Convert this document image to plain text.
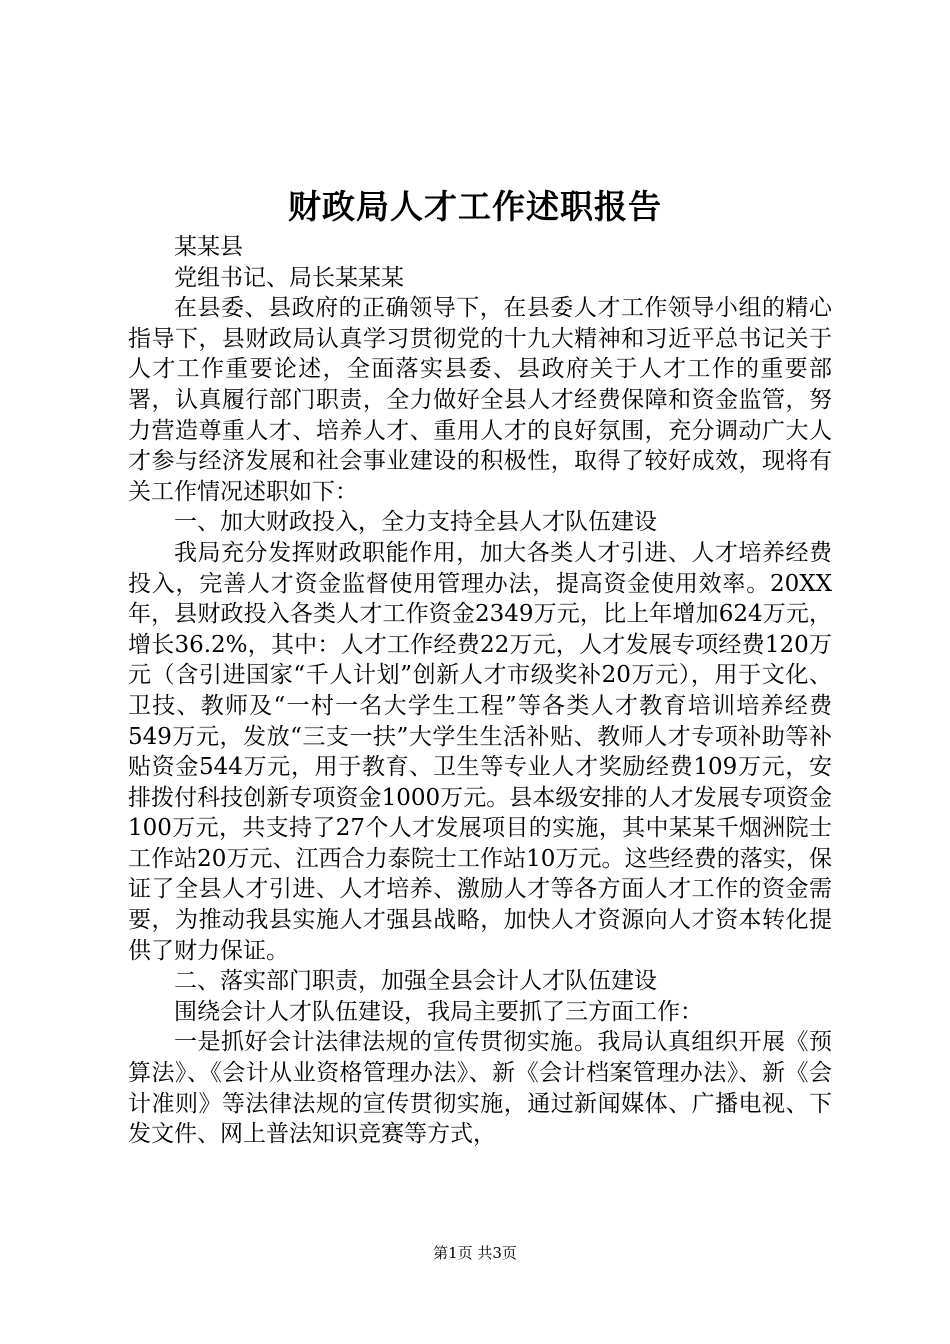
财政局人才工作述职报告

某某县

党组书记、局长某某某

在县委、县政府的正确领导下，在县委人才工作领导小组的精心指导下，县财政局认真学习贯彻党的十九大精神和习近平总书记关于人才工作重要论述，全面落实县委、县政府关于人才工作的重要部署，认真履行部门职责，全力做好全县人才经费保障和资金监管，努力营造尊重人才、培养人才、重用人才的良好氛围，充分调动广大人才参与经济发展和社会事业建设的积极性，取得了较好成效，现将有关工作情况述职如下：

一、加大财政投入，全力支持全县人才队伍建设

我局充分发挥财政职能作用，加大各类人才引进、人才培养经费投入，完善人才资金监督使用管理办法，提高资金使用效率。20XX年，县财政投入各类人才工作资金2349万元，比上年增加624万元，增长36.2%，其中：人才工作经费22万元，人才发展专项经费120万元（含引进国家“千人计划”创新人才市级奖补20万元），用于文化、卫技、教师及“一村一名大学生工程”等各类人才教育培训培养经费549万元，发放“三支一扶”大学生生活补贴、教师人才专项补助等补贴资金544万元，用于教育、卫生等专业人才奖励经费109万元，安排拨付科技创新专项资金1000万元。县本级安排的人才发展专项资金100万元，共支持了27个人才发展项目的实施，其中某某千烟洲院士工作站20万元、江西合力泰院士工作站10万元。这些经费的落实，保证了全县人才引进、人才培养、激励人才等各方面人才工作的资金需要，为推动我县实施人才强县战略，加快人才资源向人才资本转化提供了财力保证。

二、落实部门职责，加强全县会计人才队伍建设

围绕会计人才队伍建设，我局主要抓了三方面工作：

一是抓好会计法律法规的宣传贯彻实施。我局认真组织开展《预算法》、《会计从业资格管理办法》、新《会计档案管理办法》、新《会计准则》等法律法规的宣传贯彻实施，通过新闻媒体、广播电视、下发文件、网上普法知识竞赛等方式，

第1页 共3页
